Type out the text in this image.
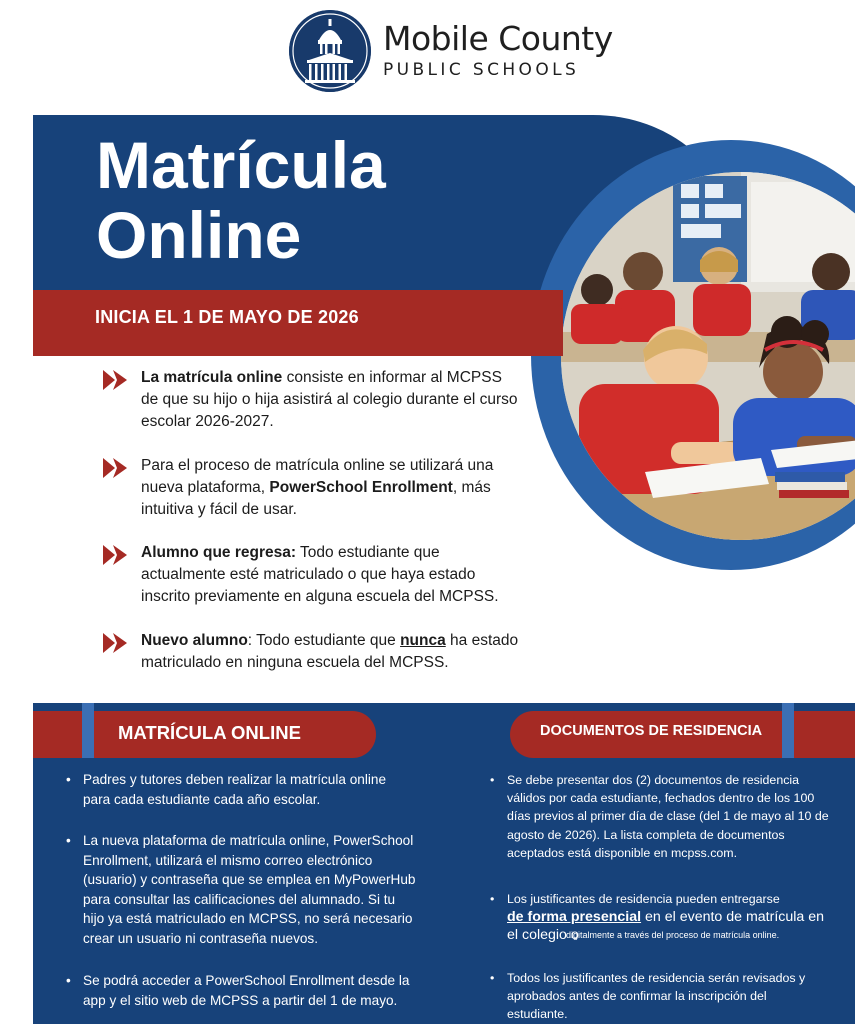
Mobile County
PUBLIC SCHOOLS
Matrícula
Online
INICIA EL 1 DE MAYO DE 2026
La matrícula online consiste en informar al MCPSS de que su hijo o hija asistirá al colegio durante el curso escolar 2026-2027.
Para el proceso de matrícula online se utilizará una nueva plataforma, PowerSchool Enrollment, más intuitiva y fácil de usar.
Alumno que regresa: Todo estudiante que actualmente esté matriculado o que haya estado inscrito previamente en alguna escuela del MCPSS.
Nuevo alumno: Todo estudiante que nunca ha estado matriculado en ninguna escuela del MCPSS.
MATRÍCULA ONLINE	DOCUMENTOS DE RESIDENCIA
• Padres y tutores deben realizar la matrícula online para cada estudiante cada año escolar.
• La nueva plataforma de matrícula online, PowerSchool Enrollment, utilizará el mismo correo electrónico (usuario) y contraseña que se emplea en MyPowerHub para consultar las calificaciones del alumnado. Si tu hijo ya está matriculado en MCPSS, no será necesario crear un usuario ni contraseña nuevos.
• Se podrá acceder a PowerSchool Enrollment desde la app y el sitio web de MCPSS a partir del 1 de mayo.
• Se debe presentar dos (2) documentos de residencia válidos por cada estudiante, fechados dentro de los 100 días previos al primer día de clase (del 1 de mayo al 10 de agosto de 2026). La lista completa de documentos aceptados está disponible en mcpss.com.
• Los justificantes de residencia pueden entregarse
de forma presencial en el evento de matrícula en el colegio o
• Todos los justificantes de residencia serán revisados y aprobados antes de confirmar la inscripción del estudiante.
digitalmente a través del proceso de matrícula online.
